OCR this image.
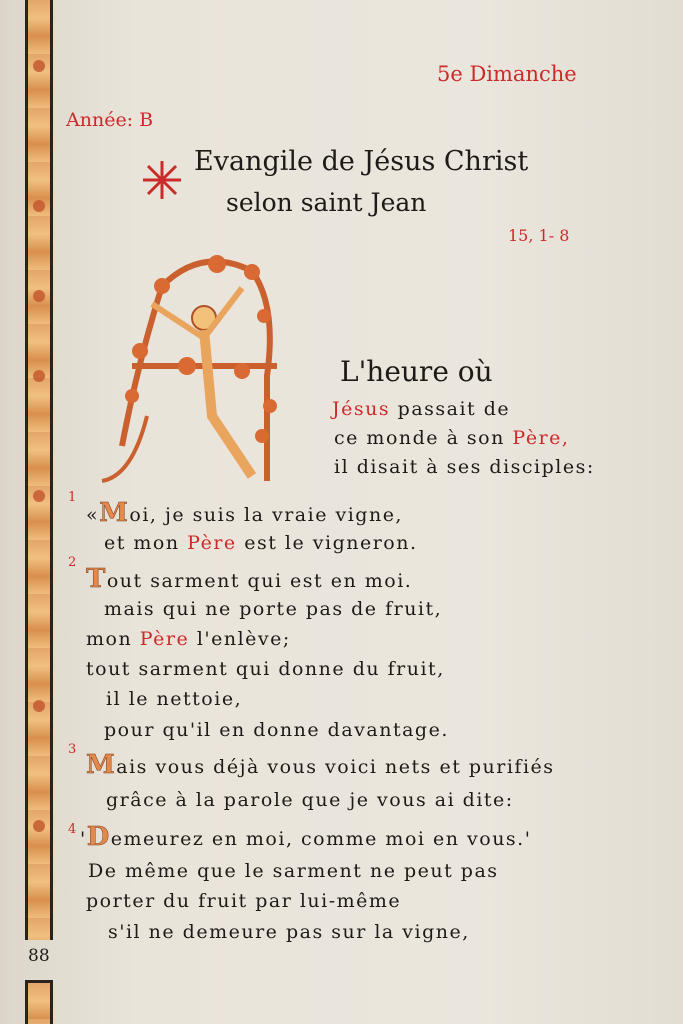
5e Dimanche
Année: B
Evangile de Jésus Christ
selon saint Jean
15, 1- 8
L'heure où
Jésus passait de
ce monde à son Père,
il disait à ses disciples:
1
«Moi, je suis la vraie vigne,
et mon Père est le vigneron.
2
Tout sarment qui est en moi.
mais qui ne porte pas de fruit,
mon Père l'enlève;
tout sarment qui donne du fruit,
il le nettoie,
pour qu'il en donne davantage.
3
Mais vous déjà vous voici nets et purifiés
grâce à la parole que je vous ai dite:
4 'Demeurez en moi, comme moi en vous.'
De même que le sarment ne peut pas
porter du fruit par lui-même
s'il ne demeure pas sur la vigne,
88
